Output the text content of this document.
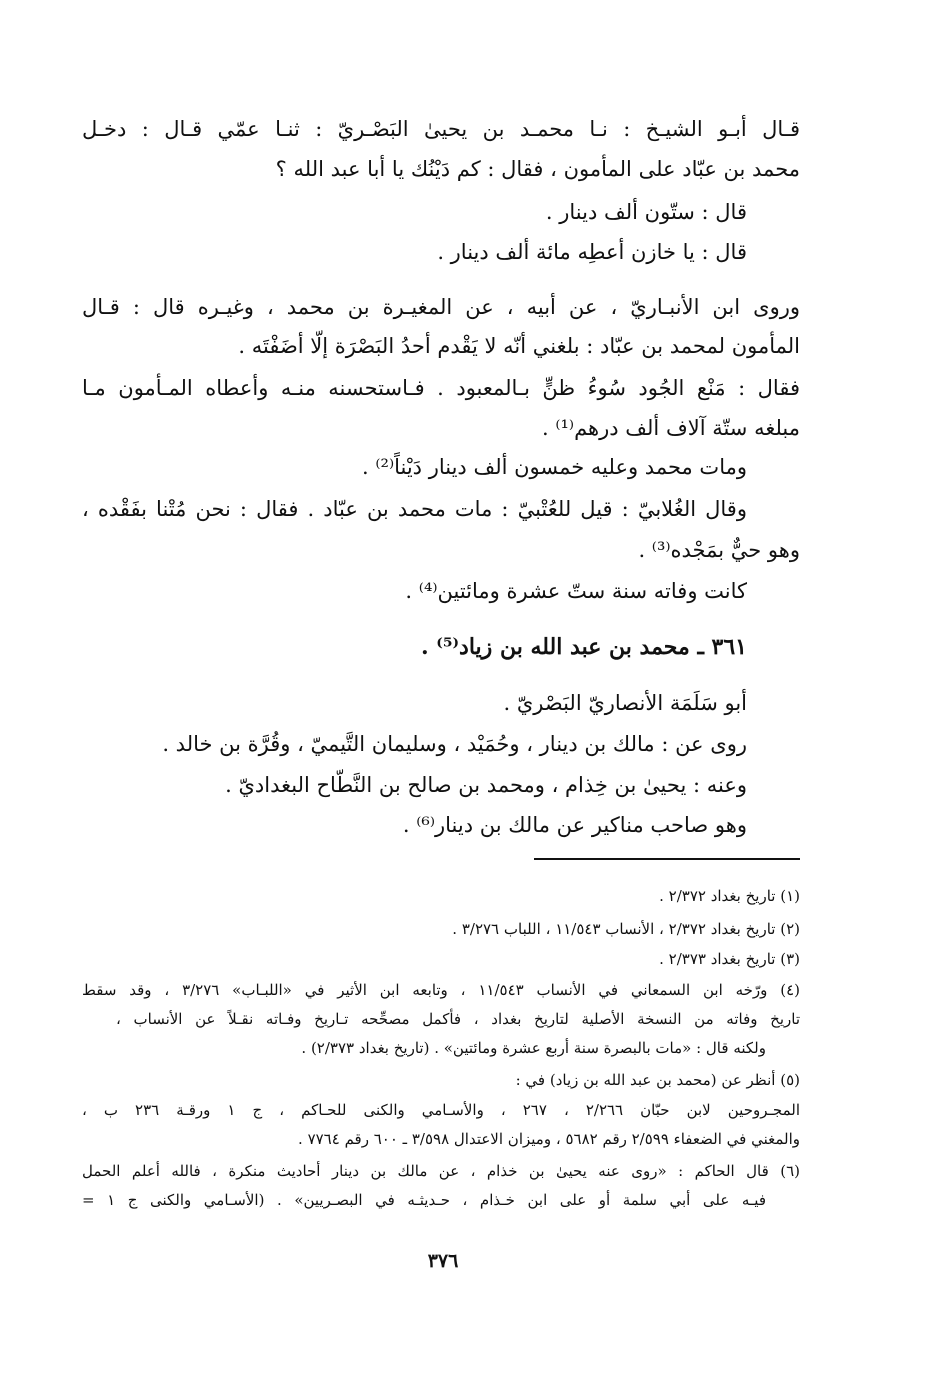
قـال أبـو الشيـخ : نـا محمـد بن يحيىٰ البَصْـريّ : ثنـا عمّي قـال : دخـل
محمد بن عبّاد على المأمون ، فقال : كم دَيْنُك يا أبا عبد الله ؟
قال : ستّون ألف دينار .
قال : يا خازن أعطِه مائة ألف دينار .
وروى ابن الأنبـاريّ ، عن أبيه ، عن المغيـرة بن محمد ، وغيـره قال : قـال
المأمون لمحمد بن عبّاد : بلغني أنّه لا يَقْدم أحدُ البَصْرَة إلّا أضَفْتَه .
فقال : مَنْع الجُود سُوءُ ظنٍّ بـالمعبود . فـاستحسنه منـه وأعطاه المـأمون مـا
مبلغه ستّة آلاف ألف درهم⁽¹⁾ .
ومات محمد وعليه خمسون ألف دينار دَيْناً⁽²⁾ .
وقال الغُلابيّ : قيل للعُتْبيّ : مات محمد بن عبّاد . فقال : نحن مُتْنا بفَقْده ،
وهو حيٌّ بمَجْده⁽³⁾ .
كانت وفاته سنة ستّ عشرة ومائتين⁽⁴⁾ .
٣٦١ ـ محمد بن عبد الله بن زياد⁽⁵⁾ .
أبو سَلَمَة الأنصاريّ البَصْريّ .
روى عن : مالك بن دينار ، وحُمَيْد ، وسليمان التَّيميّ ، وقُرَّة بن خالد .
وعنه : يحيىٰ بن خِذام ، ومحمد بن صالح بن النَّطّاح البغداديّ .
وهو صاحب مناكير عن مالك بن دينار⁽⁶⁾ .
(١) تاريخ بغداد ٢/٣٧٢ .
(٢) تاريخ بغداد ٢/٣٧٢ ، الأنساب ١١/٥٤٣ ، اللباب ٣/٢٧٦ .
(٣) تاريخ بغداد ٢/٣٧٣ .
(٤) ورّخه ابن السمعاني في الأنساب ١١/٥٤٣ ، وتابعه ابن الأثير في «اللبـاب» ٣/٢٧٦ ، وقد سقط
تاريخ وفاته من النسخة الأصلية لتاريخ بغداد ، فأكمل مصحِّحه تـاريخ وفـاته نقـلاً عن الأنساب ،
ولكنه قال : «مات بالبصرة سنة أربع عشرة ومائتين» . (تاريخ بغداد ٢/٣٧٣) .
(٥) أنظر عن (محمد بن عبد الله بن زياد) في :
المجـروحين لابن حبّان ٢/٢٦٦ ، ٢٦٧ ، والأسـامي والكنى للحـاكم ، ج ١ ورقـة ٢٣٦ ب ،
والمغني في الضعفاء ٢/٥٩٩ رقم ٥٦٨٢ ، وميزان الاعتدال ٣/٥٩٨ ـ ٦٠٠ رقم ٧٧٦٤ .
(٦) قال الحاكم : «روى عنه يحيىٰ بن خذام ، عن مالك بن دينار أحاديث منكرة ، فالله أعلم الحمل
فيـه على أبي سلمة أو على ابن خـذام ، حـديثـه في البصـريين» . (الأسـامي والكنى ج ١ =
٣٧٦
